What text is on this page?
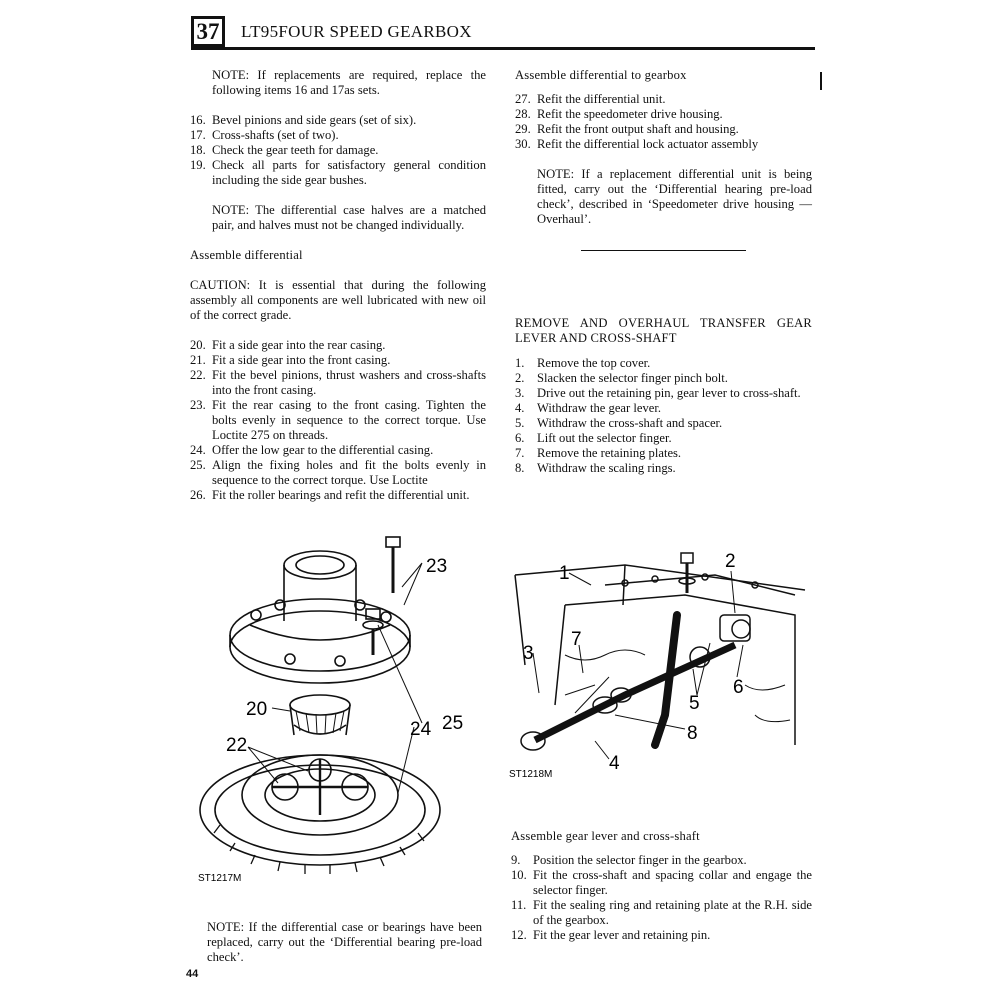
37	LT95FOUR SPEED GEARBOX

NOTE: If replacements are required, replace the following items 16 and 17as sets.

16. Bevel pinions and side gears (set of six).
17. Cross-shafts (set of two).
18. Check the gear teeth for damage.
19. Check all parts for satisfactory general condition including the side gear bushes.

NOTE: The differential case halves are a matched pair, and halves must not be changed individually.

Assemble differential

CAUTION: It is essential that during the following assembly all components are well lubricated with new oil of the correct grade.

20. Fit a side gear into the rear casing.
21. Fit a side gear into the front casing.
22. Fit the bevel pinions, thrust washers and cross-shafts into the front casing.
23. Fit the rear casing to the front casing. Tighten the bolts evenly in sequence to the correct torque. Use Loctite 275 on threads.
24. Offer the low gear to the differential casing.
25. Align the fixing holes and fit the bolts evenly in sequence to the correct torque. Use Loctite
26. Fit the roller bearings and refit the differential unit.
23
20
24 25
22
ST1217M

NOTE: If the differential case or bearings have been replaced, carry out the ‘Differential bearing pre-load check’.

Assemble differential to gearbox

27. Refit the differential unit.
28. Refit the speedometer drive housing.
29. Refit the front output shaft and housing.
30. Refit the differential lock actuator assembly

NOTE: If a replacement differential unit is being fitted, carry out the ‘Differential hearing pre-load check’, described in ‘Speedometer drive housing — Overhaul’.

REMOVE AND OVERHAUL TRANSFER GEAR LEVER AND CROSS-SHAFT

1. Remove the top cover.
2. Slacken the selector finger pinch bolt.
3. Drive out the retaining pin, gear lever to cross-shaft.
4. Withdraw the gear lever.
5. Withdraw the cross-shaft and spacer.
6. Lift out the selector finger.
7. Remove the retaining plates.
8. Withdraw the scaling rings.
1
2
3
7
6
5
8
4
ST1218M

Assemble gear lever and cross-shaft

9. Position the selector finger in the gearbox.
10. Fit the cross-shaft and spacing collar and engage the selector finger.
11. Fit the sealing ring and retaining plate at the R.H. side of the gearbox.
12. Fit the gear lever and retaining pin.
44
